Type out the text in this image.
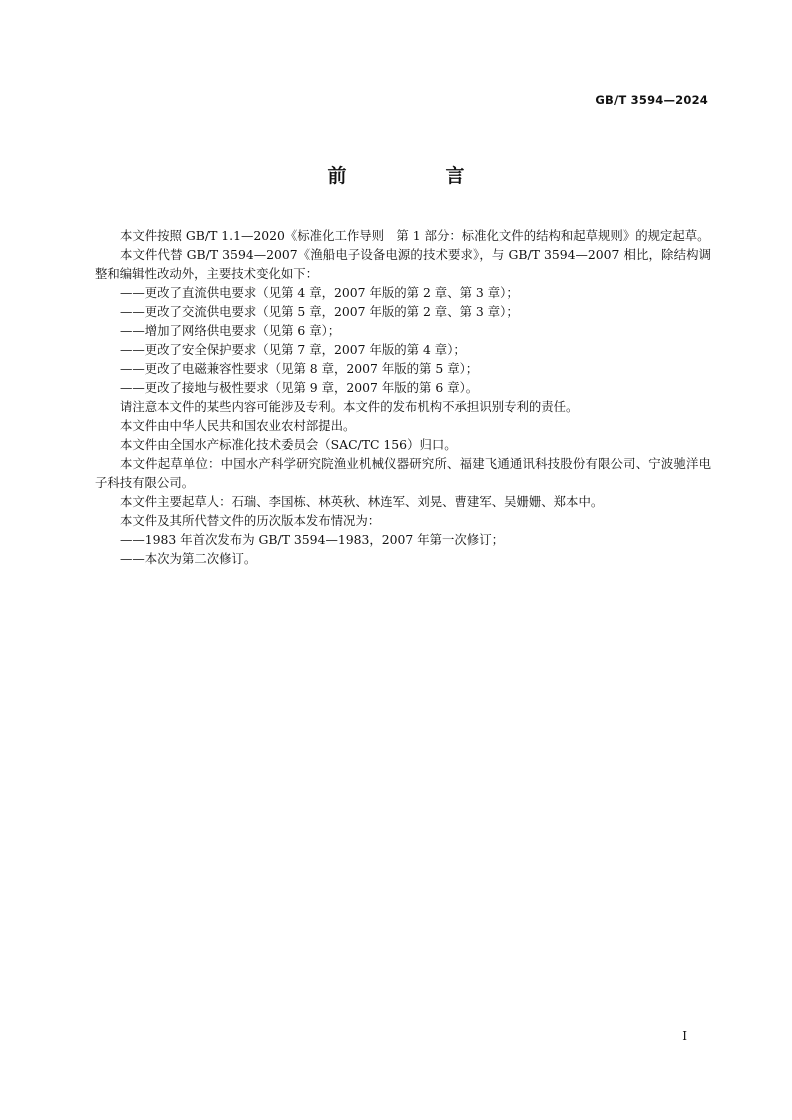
GB/T 3594—2024
前　言

本文件按照 GB/T 1.1—2020《标准化工作导则　第 1 部分：标准化文件的结构和起草规则》的规定起草。

本文件代替 GB/T 3594—2007《渔船电子设备电源的技术要求》，与 GB/T 3594—2007 相比，除结构调整和编辑性改动外，主要技术变化如下：

——更改了直流供电要求（见第 4 章，2007 年版的第 2 章、第 3 章）；

——更改了交流供电要求（见第 5 章，2007 年版的第 2 章、第 3 章）；

——增加了网络供电要求（见第 6 章）；

——更改了安全保护要求（见第 7 章，2007 年版的第 4 章）；

——更改了电磁兼容性要求（见第 8 章，2007 年版的第 5 章）；

——更改了接地与极性要求（见第 9 章，2007 年版的第 6 章）。

请注意本文件的某些内容可能涉及专利。本文件的发布机构不承担识别专利的责任。

本文件由中华人民共和国农业农村部提出。

本文件由全国水产标准化技术委员会（SAC/TC 156）归口。

本文件起草单位：中国水产科学研究院渔业机械仪器研究所、福建飞通通讯科技股份有限公司、宁波驰洋电子科技有限公司。

本文件主要起草人：石瑞、李国栋、林英秋、林连军、刘晃、曹建军、吴姗姗、郑本中。

本文件及其所代替文件的历次版本发布情况为：

——1983 年首次发布为 GB/T 3594—1983，2007 年第一次修订；

——本次为第二次修订。

I
